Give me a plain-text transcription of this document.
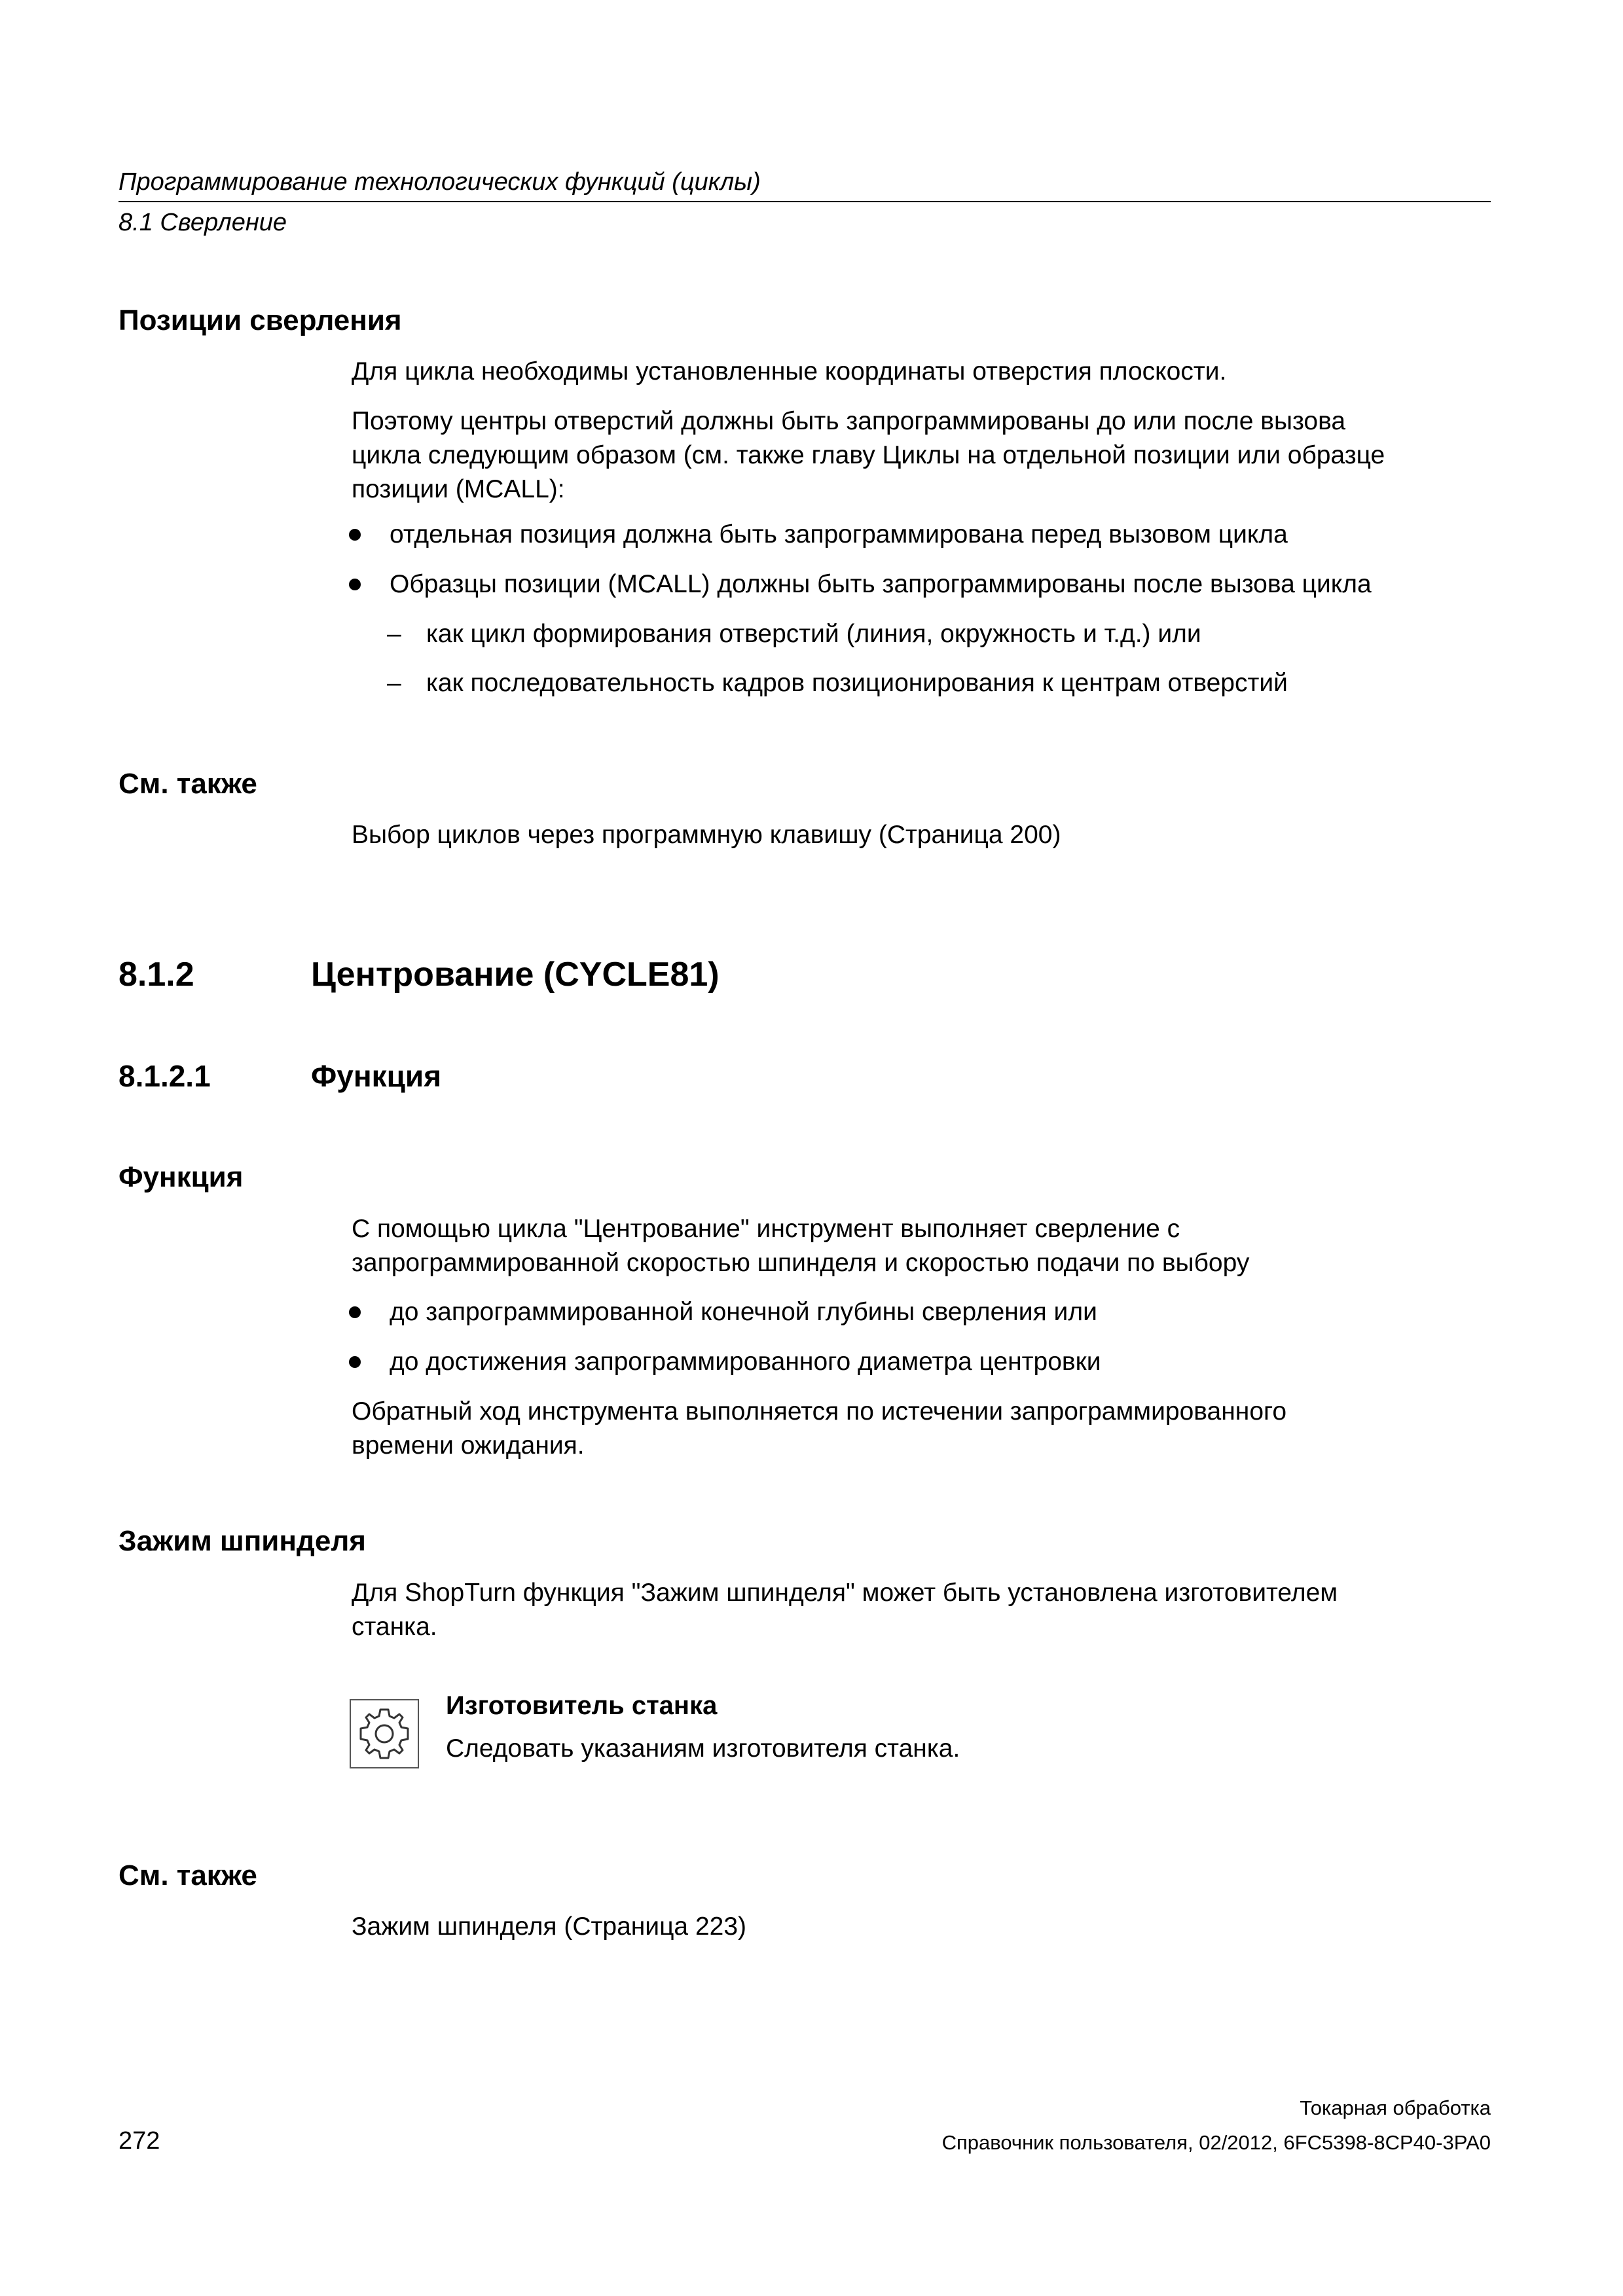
Программирование технологических функций (циклы)
8.1 Сверление
Позиции сверления
Для цикла необходимы установленные координаты отверстия плоскости.
Поэтому центры отверстий должны быть запрограммированы до или после вызова
цикла следующим образом (см. также главу Циклы на отдельной позиции или образце
позиции (MCALL):
отдельная позиция должна быть запрограммирована перед вызовом цикла
Образцы позиции (MCALL) должны быть запрограммированы после вызова цикла
– как цикл формирования отверстий (линия, окружность и т.д.) или
– как последовательность кадров позиционирования к центрам отверстий
См. также
Выбор циклов через программную клавишу (Страница 200)
8.1.2	Центрование (CYCLE81)
8.1.2.1	Функция
Функция
С помощью цикла "Центрование" инструмент выполняет сверление с
запрограммированной скоростью шпинделя и скоростью подачи по выбору
до запрограммированной конечной глубины сверления или
до достижения запрограммированного диаметра центровки
Обратный ход инструмента выполняется по истечении запрограммированного
времени ожидания.
Зажим шпинделя
Для ShopTurn функция "Зажим шпинделя" может быть установлена изготовителем
станка.
Изготовитель станка
Следовать указаниям изготовителя станка.
См. также
Зажим шпинделя (Страница 223)
Токарная обработка
272	Справочник пользователя, 02/2012, 6FC5398-8CP40-3PA0
